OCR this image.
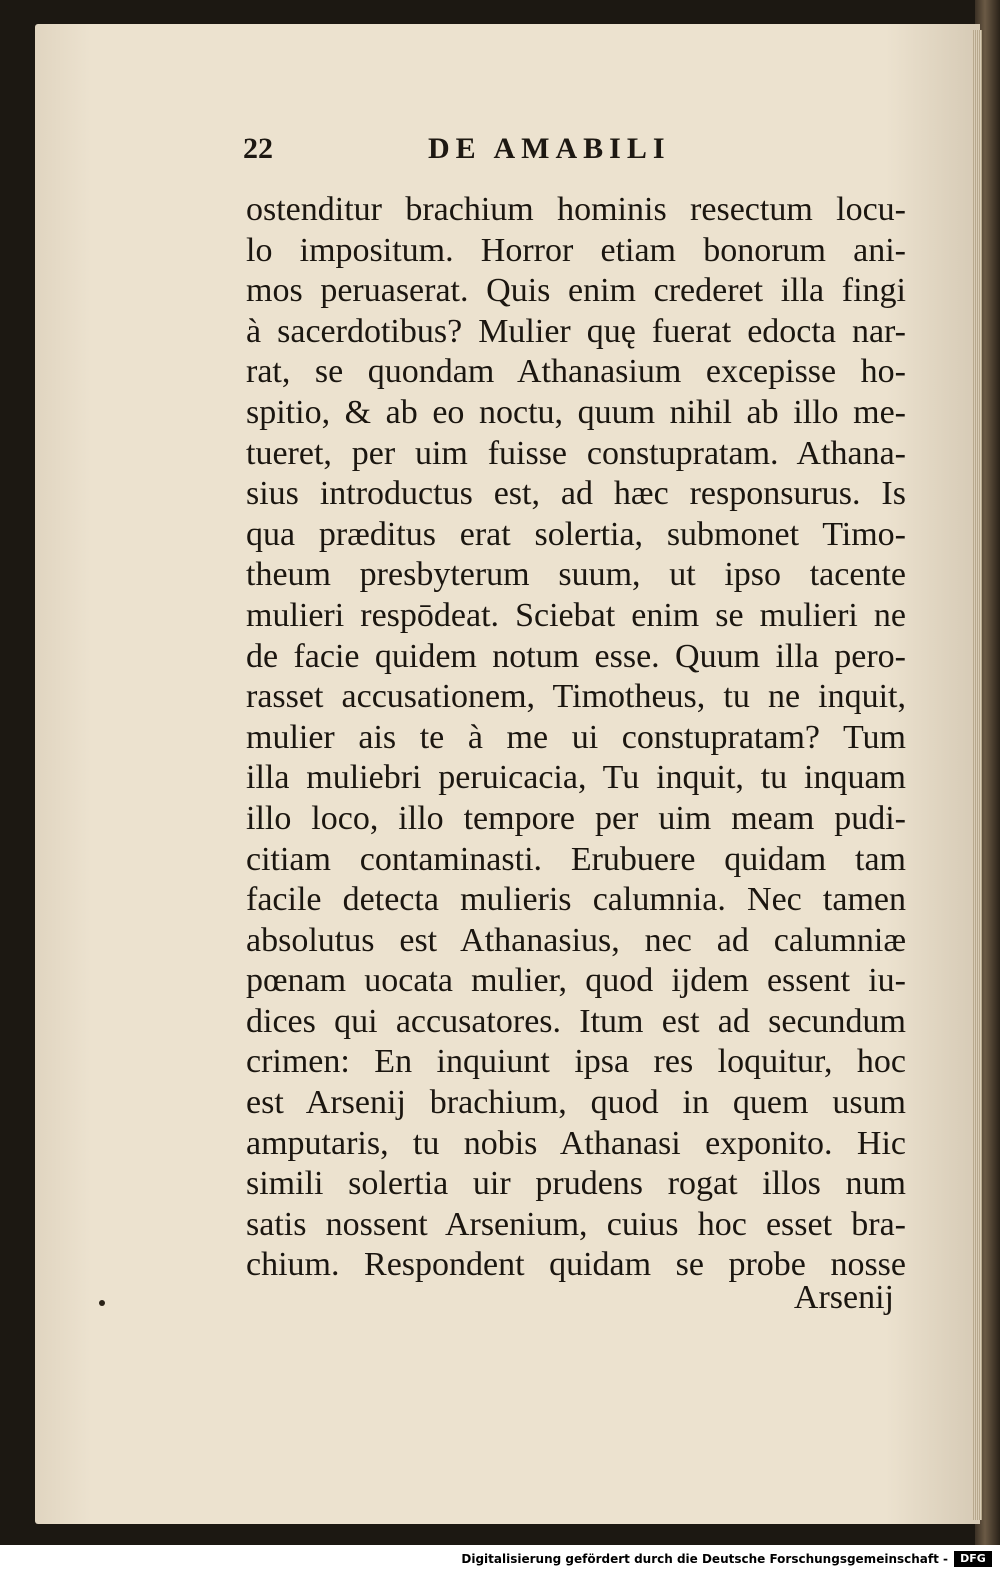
22	DE AMABILI
ostenditur brachium hominis resectum locu-
lo impositum. Horror etiam bonorum ani-
mos peruaserat. Quis enim crederet illa fingi
à sacerdotibus? Mulier quę fuerat edocta nar-
rat, se quondam Athanasium excepisse ho-
spitio, & ab eo noctu, quum nihil ab illo me-
tueret, per uim fuisse constupratam. Athana-
sius introductus est, ad hæc responsurus. Is
qua præditus erat solertia, submonet Timo-
theum presbyterum suum, ut ipso tacente
mulieri respōdeat. Sciebat enim se mulieri ne
de facie quidem notum esse. Quum illa pero-
rasset accusationem, Timotheus, tu ne inquit,
mulier ais te à me ui constupratam? Tum
illa muliebri peruicacia, Tu inquit, tu inquam
illo loco, illo tempore per uim meam pudi-
citiam contaminasti. Erubuere quidam tam
facile detecta mulieris calumnia. Nec tamen
absolutus est Athanasius, nec ad calumniæ
pœnam uocata mulier, quod ijdem essent iu-
dices qui accusatores. Itum est ad secundum
crimen: En inquiunt ipsa res loquitur, hoc
est Arsenij brachium, quod in quem usum
amputaris, tu nobis Athanasi exponito. Hic
simili solertia uir prudens rogat illos num
satis nossent Arsenium, cuius hoc esset bra-
chium. Respondent quidam se probe nosse
Arsenij
Digitalisierung gefördert durch die Deutsche Forschungsgemeinschaft -	DFG
